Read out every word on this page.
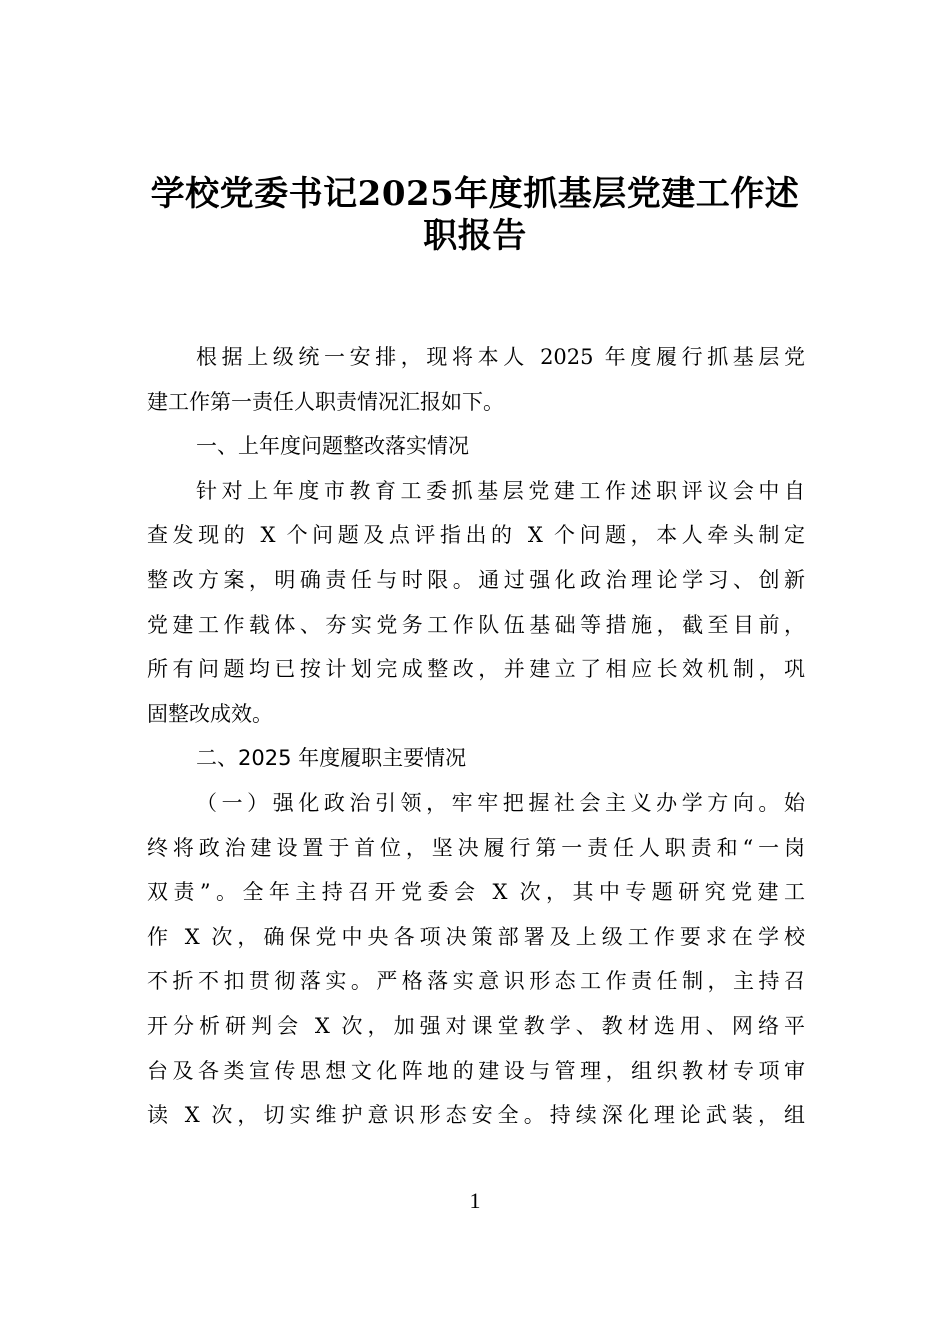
学校党委书记2025年度抓基层党建工作述
职报告
根据上级统一安排，现将本人 2025 年度履行抓基层党
建工作第一责任人职责情况汇报如下。
一、上年度问题整改落实情况
针对上年度市教育工委抓基层党建工作述职评议会中自
查发现的 X 个问题及点评指出的 X 个问题，本人牵头制定
整改方案，明确责任与时限。通过强化政治理论学习、创新
党建工作载体、夯实党务工作队伍基础等措施，截至目前，
所有问题均已按计划完成整改，并建立了相应长效机制，巩
固整改成效。
二、2025 年度履职主要情况
（一）强化政治引领，牢牢把握社会主义办学方向。始
终将政治建设置于首位，坚决履行第一责任人职责和“一岗
双责”。全年主持召开党委会 X 次，其中专题研究党建工
作 X 次，确保党中央各项决策部署及上级工作要求在学校
不折不扣贯彻落实。严格落实意识形态工作责任制，主持召
开分析研判会 X 次，加强对课堂教学、教材选用、网络平
台及各类宣传思想文化阵地的建设与管理，组织教材专项审
读 X 次，切实维护意识形态安全。持续深化理论武装，组
1
